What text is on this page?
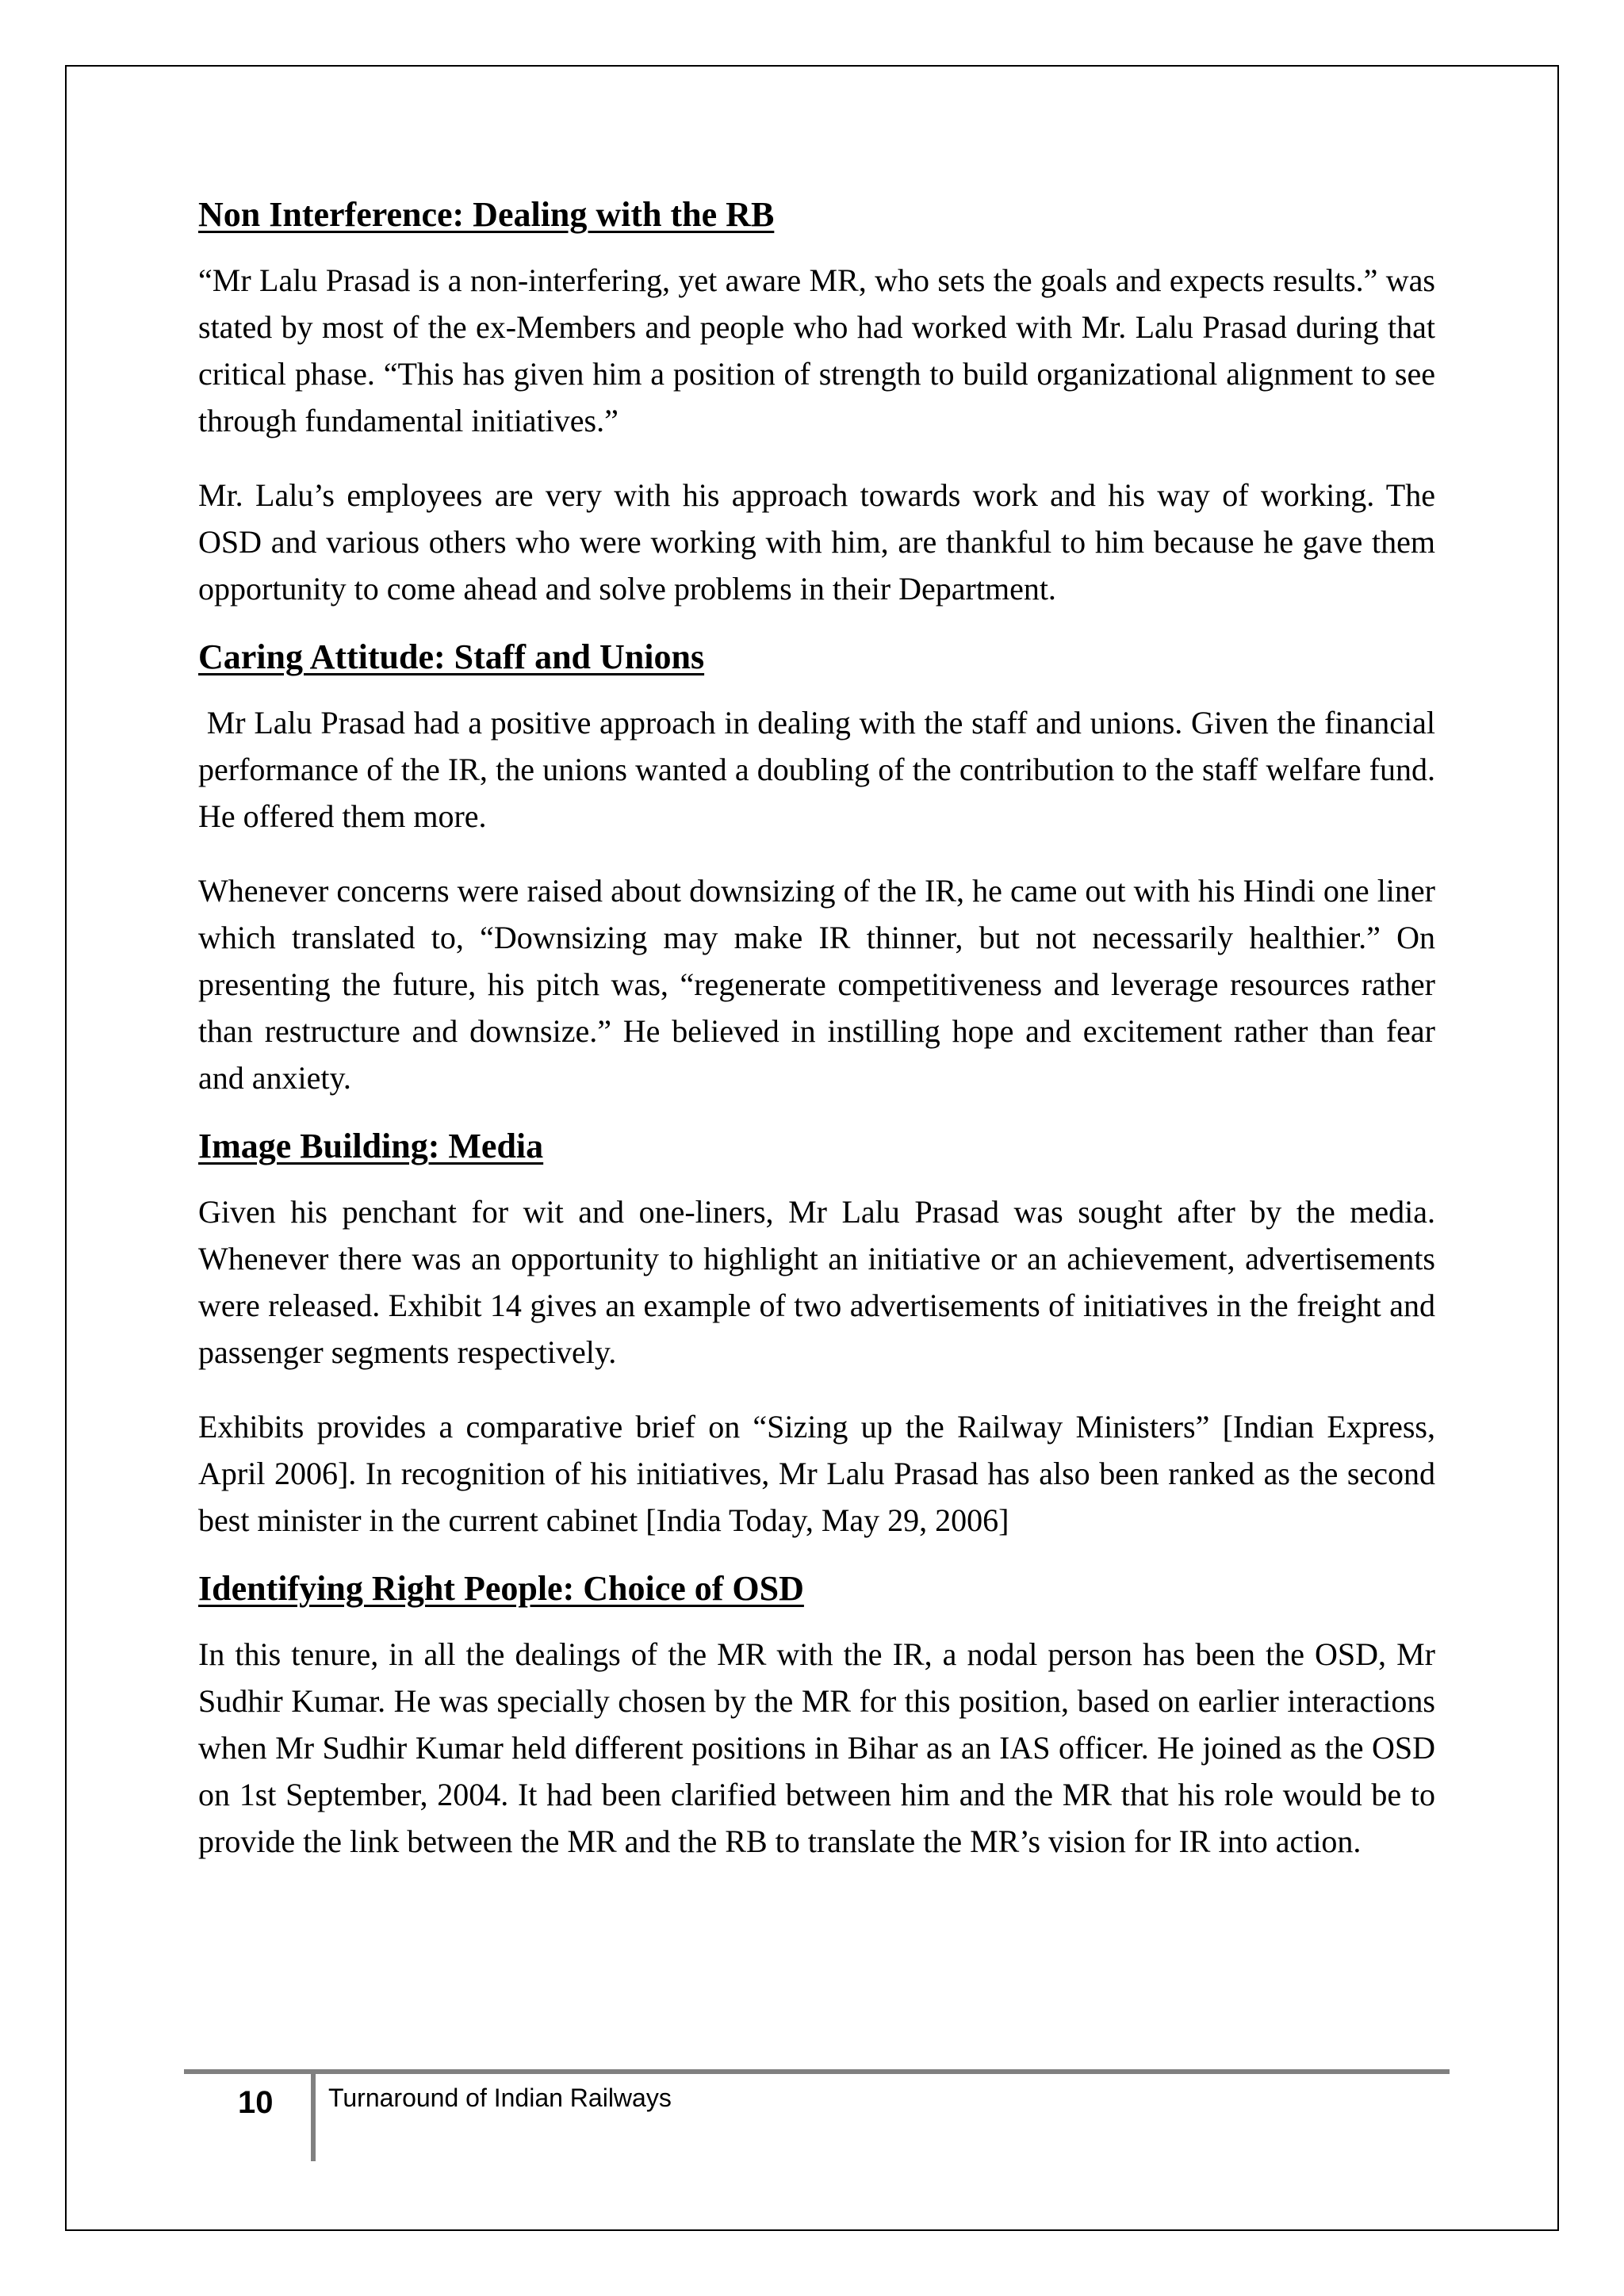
Non Interference: Dealing with the RB

“Mr Lalu Prasad is a non-interfering, yet aware MR, who sets the goals and expects results.” was stated by most of the ex-Members and people who had worked with Mr. Lalu Prasad during that critical phase. “This has given him a position of strength to build organizational alignment to see through fundamental initiatives.”

Mr. Lalu’s employees are very with his approach towards work and his way of working. The OSD and various others who were working with him, are thankful to him because he gave them opportunity to come ahead and solve problems in their Department.

Caring Attitude: Staff and Unions

Mr Lalu Prasad had a positive approach in dealing with the staff and unions. Given the financial performance of the IR, the unions wanted a doubling of the contribution to the staff welfare fund. He offered them more.

Whenever concerns were raised about downsizing of the IR, he came out with his Hindi one liner which translated to, “Downsizing may make IR thinner, but not necessarily healthier.” On presenting the future, his pitch was, “regenerate competitiveness and leverage resources rather than restructure and downsize.” He believed in instilling hope and excitement rather than fear and anxiety.

Image Building: Media

Given his penchant for wit and one-liners, Mr Lalu Prasad was sought after by the media. Whenever there was an opportunity to highlight an initiative or an achievement, advertisements were released. Exhibit 14 gives an example of two advertisements of initiatives in the freight and passenger segments respectively.

Exhibits provides a comparative brief on “Sizing up the Railway Ministers” [Indian Express, April 2006]. In recognition of his initiatives, Mr Lalu Prasad has also been ranked as the second best minister in the current cabinet [India Today, May 29, 2006]

Identifying Right People: Choice of OSD

In this tenure, in all the dealings of the MR with the IR, a nodal person has been the OSD, Mr Sudhir Kumar. He was specially chosen by the MR for this position, based on earlier interactions when Mr Sudhir Kumar held different positions in Bihar as an IAS officer. He joined as the OSD on 1st September, 2004. It had been clarified between him and the MR that his role would be to provide the link between the MR and the RB to translate the MR’s vision for IR into action.

10	Turnaround of Indian Railways
